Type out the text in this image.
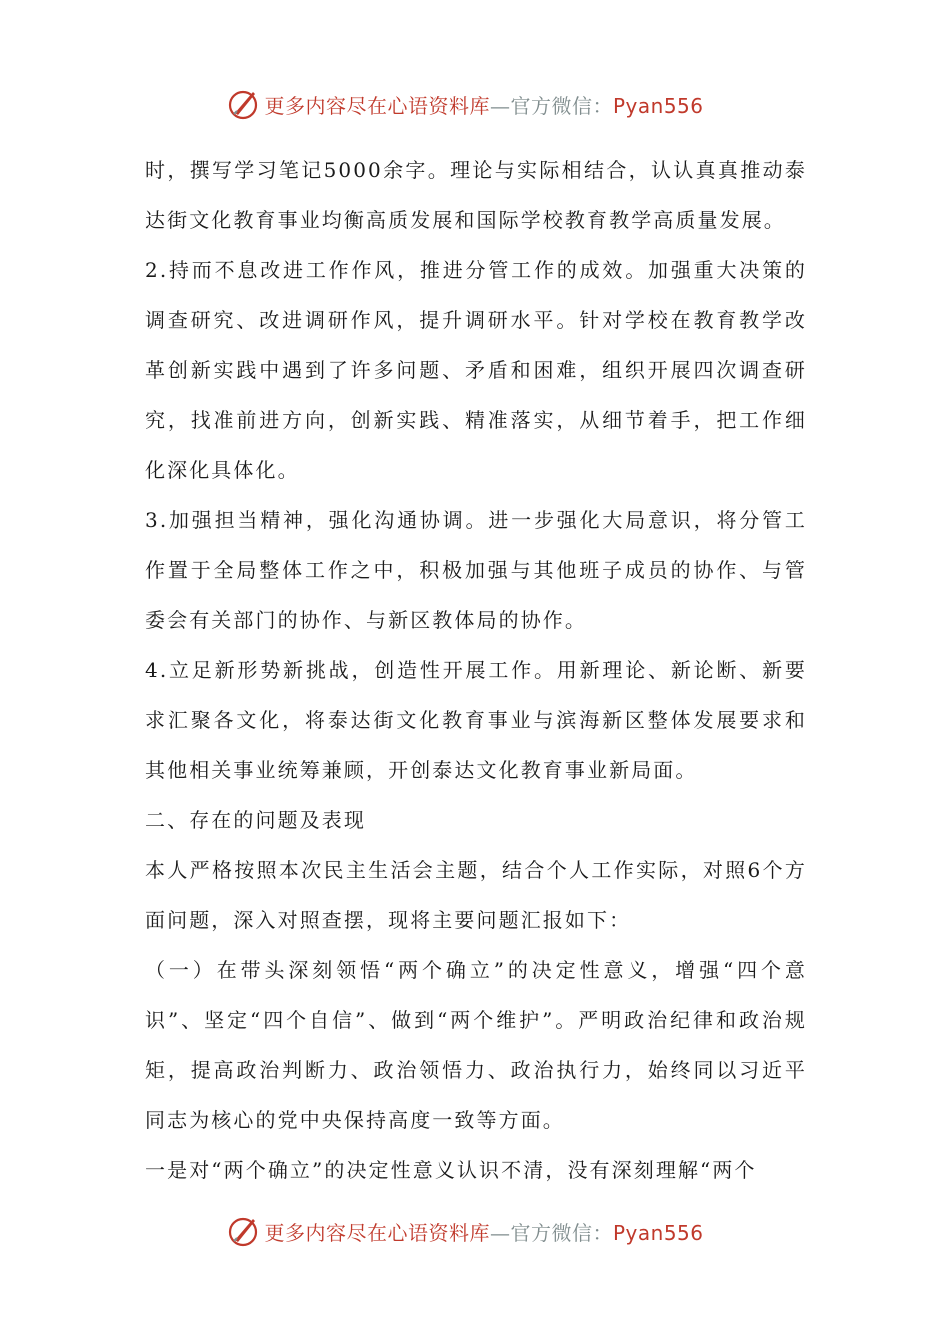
更多内容尽在心语资料库—官方微信：Pyan556

时，撰写学习笔记5000余字。理论与实际相结合，认认真真推动泰达街文化教育事业均衡高质发展和国际学校教育教学高质量发展。

2.持而不息改进工作作风，推进分管工作的成效。加强重大决策的调查研究、改进调研作风，提升调研水平。针对学校在教育教学改革创新实践中遇到了许多问题、矛盾和困难，组织开展四次调查研究，找准前进方向，创新实践、精准落实，从细节着手，把工作细化深化具体化。

3.加强担当精神，强化沟通协调。进一步强化大局意识，将分管工作置于全局整体工作之中，积极加强与其他班子成员的协作、与管委会有关部门的协作、与新区教体局的协作。

4.立足新形势新挑战，创造性开展工作。用新理论、新论断、新要求汇聚各文化，将泰达街文化教育事业与滨海新区整体发展要求和其他相关事业统筹兼顾，开创泰达文化教育事业新局面。

二、存在的问题及表现

本人严格按照本次民主生活会主题，结合个人工作实际，对照6个方面问题，深入对照查摆，现将主要问题汇报如下：

（一）在带头深刻领悟“两个确立”的决定性意义，增强“四个意识”、坚定“四个自信”、做到“两个维护”。严明政治纪律和政治规矩，提高政治判断力、政治领悟力、政治执行力，始终同以习近平同志为核心的党中央保持高度一致等方面。

一是对“两个确立”的决定性意义认识不清，没有深刻理解“两个

更多内容尽在心语资料库—官方微信：Pyan556
